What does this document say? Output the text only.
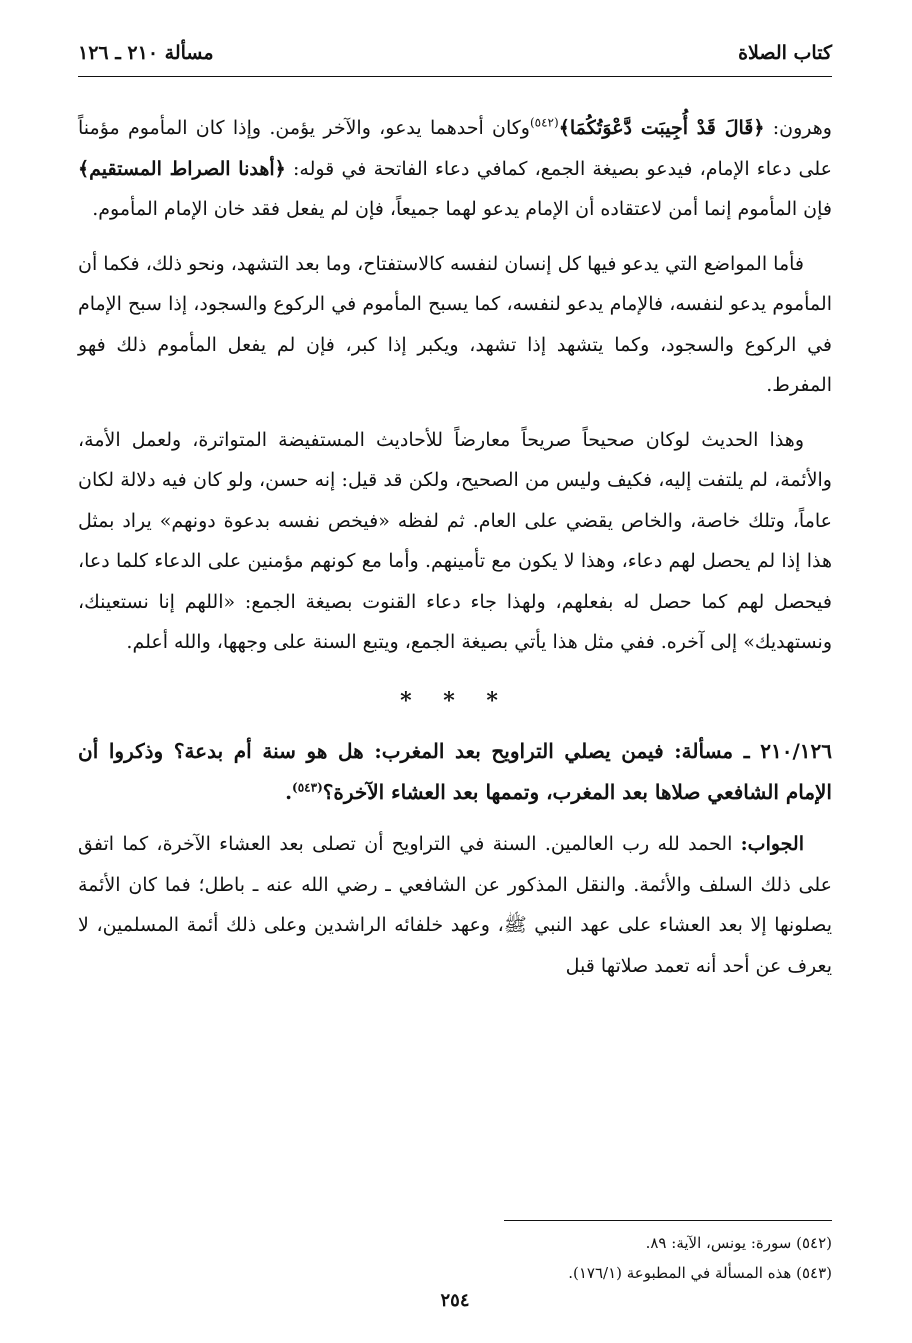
كتاب الصلاة
مسألة ٢١٠ ـ ١٢٦

وهرون: ﴿قَالَ قَدْ أُجِيبَت دَّعْوَتُكُمَا﴾$^{(٥٤٢)}$وكان أحدهما يدعو، والآخر يؤمن. وإذا كان المأموم مؤمناً على دعاء الإمام، فيدعو بصيغة الجمع، كمافي دعاء الفاتحة في قوله: ﴿أهدنا الصراط المستقيم﴾ فإن المأموم إنما أمن لاعتقاده أن الإمام يدعو لهما جميعاً، فإن لم يفعل فقد خان الإمام المأموم.

فأما المواضع التي يدعو فيها كل إنسان لنفسه كالاستفتاح، وما بعد التشهد، ونحو ذلك، فكما أن المأموم يدعو لنفسه، فالإمام يدعو لنفسه، كما يسبح المأموم في الركوع والسجود، إذا سبح الإمام في الركوع والسجود، وكما يتشهد إذا تشهد، ويكبر إذا كبر، فإن لم يفعل المأموم ذلك فهو المفرط.

وهذا الحديث لوكان صحيحاً صريحاً معارضاً للأحاديث المستفيضة المتواترة، ولعمل الأمة، والأئمة، لم يلتفت إليه، فكيف وليس من الصحيح، ولكن قد قيل: إنه حسن، ولو كان فيه دلالة لكان عاماً، وتلك خاصة، والخاص يقضي على العام. ثم لفظه «فيخص نفسه بدعوة دونهم» يراد بمثل هذا إذا لم يحصل لهم دعاء، وهذا لا يكون مع تأمينهم. وأما مع كونهم مؤمنين على الدعاء كلما دعا، فيحصل لهم كما حصل له بفعلهم، ولهذا جاء دعاء القنوت بصيغة الجمع: «اللهم إنا نستعينك، ونستهديك» إلى آخره. ففي مثل هذا يأتي بصيغة الجمع، ويتبع السنة على وجهها، والله أعلم.

* * *

٢١٠/١٢٦ ـ مسألة: فيمن يصلي التراويح بعد المغرب: هل هو سنة أم بدعة؟ وذكروا أن الإمام الشافعي صلاها بعد المغرب، وتممها بعد العشاء الآخرة؟$^{(٥٤٣)}$.

الجواب: الحمد لله رب العالمين. السنة في التراويح أن تصلى بعد العشاء الآخرة، كما اتفق على ذلك السلف والأئمة. والنقل المذكور عن الشافعي ـ رضي الله عنه ـ باطل؛ فما كان الأئمة يصلونها إلا بعد العشاء على عهد النبي ﷺ، وعهد خلفائه الراشدين وعلى ذلك أئمة المسلمين، لا يعرف عن أحد أنه تعمد صلاتها قبل

(٥٤٢) سورة: يونس، الآية: ٨٩.
(٥٤٣) هذه المسألة في المطبوعة (١٧٦/١).
٢٥٤
